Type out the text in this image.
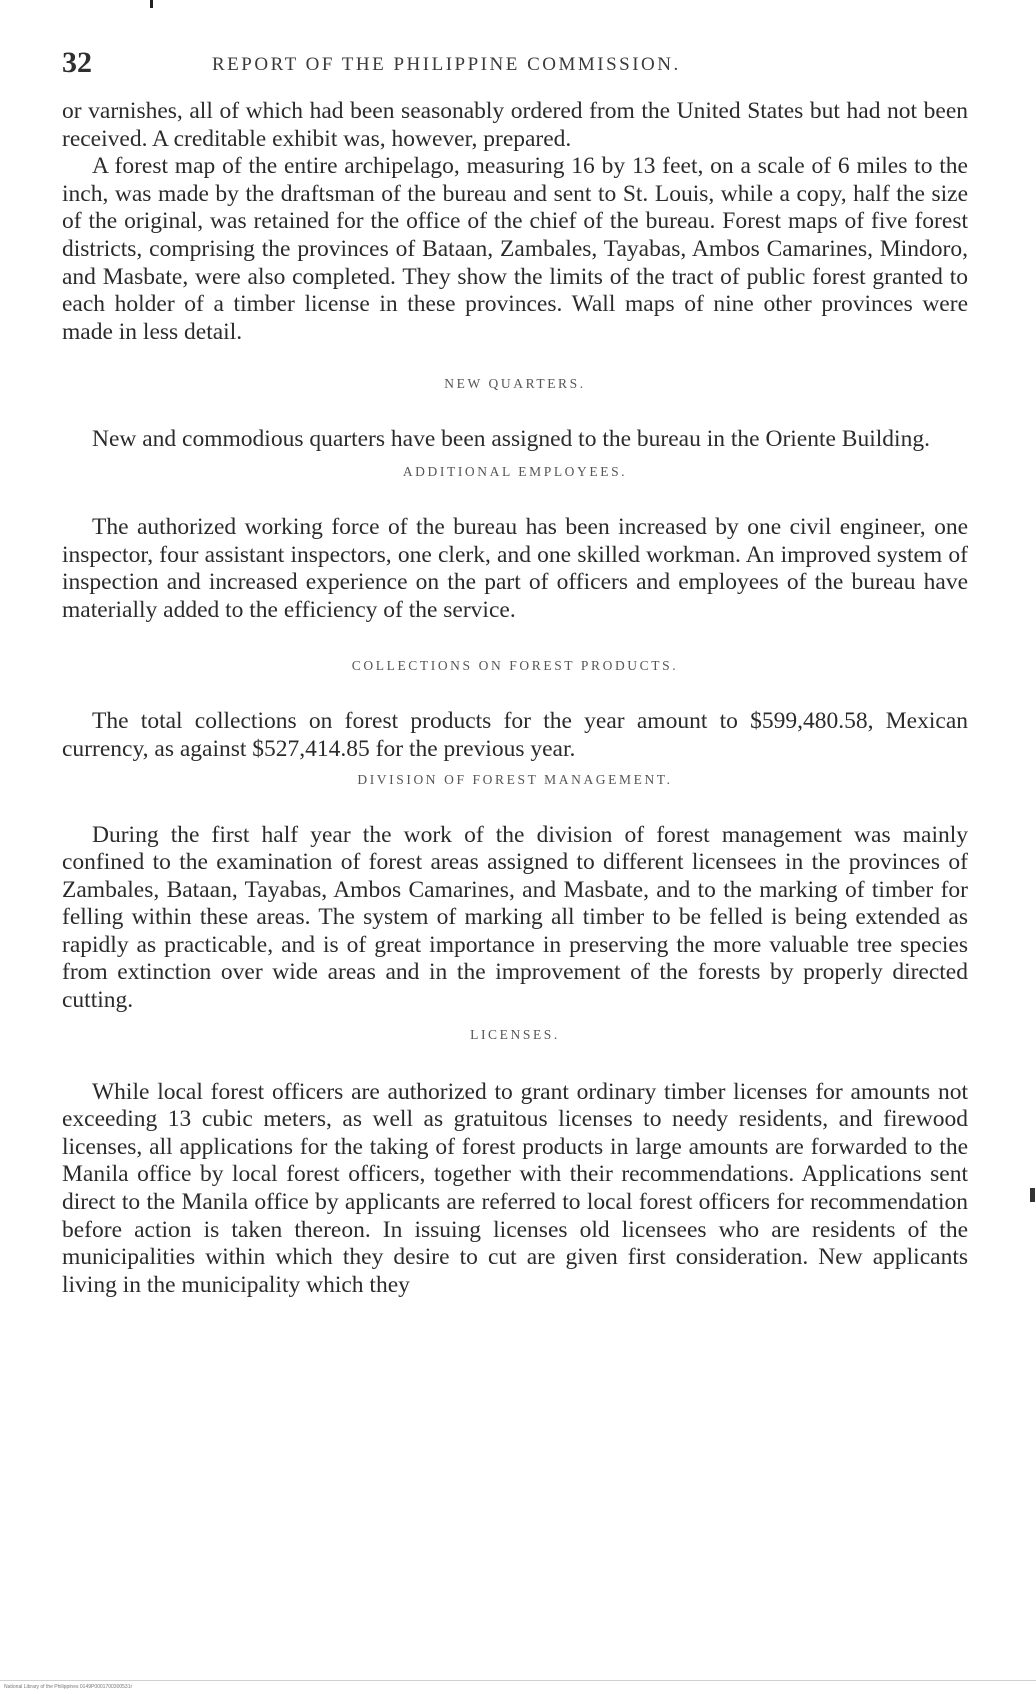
32	REPORT OF THE PHILIPPINE COMMISSION.

or varnishes, all of which had been seasonably ordered from the United States but had not been received. A creditable exhibit was, however, prepared.

A forest map of the entire archipelago, measuring 16 by 13 feet, on a scale of 6 miles to the inch, was made by the draftsman of the bureau and sent to St. Louis, while a copy, half the size of the original, was retained for the office of the chief of the bureau. Forest maps of five forest districts, comprising the provinces of Bataan, Zambales, Tayabas, Ambos Camarines, Mindoro, and Masbate, were also completed. They show the limits of the tract of public forest granted to each holder of a timber license in these provinces. Wall maps of nine other provinces were made in less detail.

NEW QUARTERS.

New and commodious quarters have been assigned to the bureau in the Oriente Building.

ADDITIONAL EMPLOYEES.

The authorized working force of the bureau has been increased by one civil engineer, one inspector, four assistant inspectors, one clerk, and one skilled workman. An improved system of inspection and increased experience on the part of officers and employees of the bureau have materially added to the efficiency of the service.

COLLECTIONS ON FOREST PRODUCTS.

The total collections on forest products for the year amount to $599,480.58, Mexican currency, as against $527,414.85 for the previous year.

DIVISION OF FOREST MANAGEMENT.

During the first half year the work of the division of forest management was mainly confined to the examination of forest areas assigned to different licensees in the provinces of Zambales, Bataan, Tayabas, Ambos Camarines, and Masbate, and to the marking of timber for felling within these areas. The system of marking all timber to be felled is being extended as rapidly as practicable, and is of great importance in preserving the more valuable tree species from extinction over wide areas and in the improvement of the forests by properly directed cutting.

LICENSES.

While local forest officers are authorized to grant ordinary timber licenses for amounts not exceeding 13 cubic meters, as well as gratuitous licenses to needy residents, and firewood licenses, all applications for the taking of forest products in large amounts are forwarded to the Manila office by local forest officers, together with their recommendations. Applications sent direct to the Manila office by applicants are referred to local forest officers for recommendation before action is taken thereon. In issuing licenses old licensees who are residents of the municipalities within which they desire to cut are given first consideration. New applicants living in the municipality which they

National Library of the Philippines 0149P0001700300531r
